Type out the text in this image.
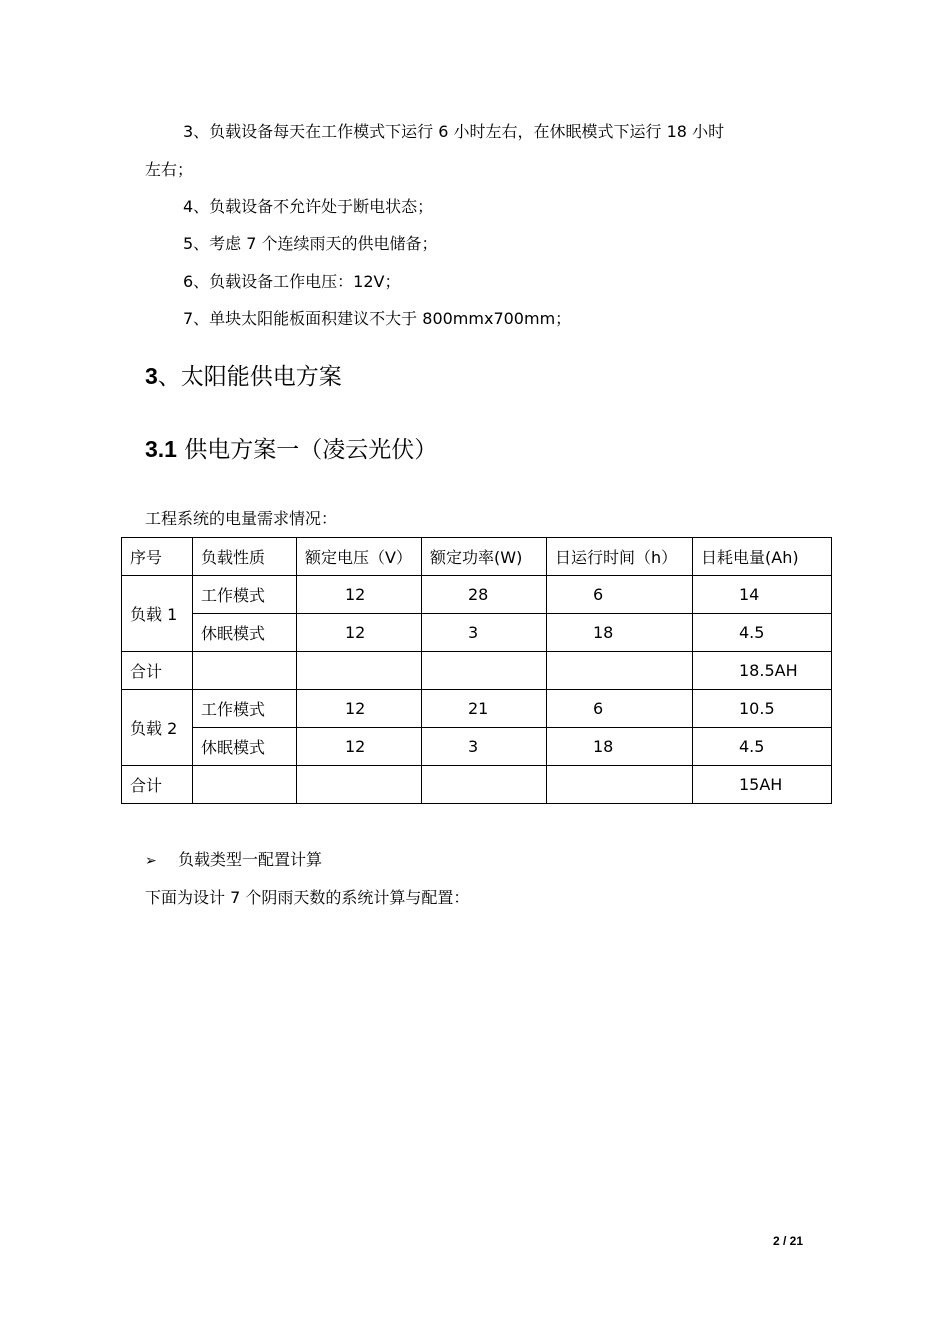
3、负载设备每天在工作模式下运行 6 小时左右，在休眠模式下运行 18 小时
左右；
4、负载设备不允许处于断电状态；
5、考虑 7 个连续雨天的供电储备；
6、负载设备工作电压：12V；
7、单块太阳能板面积建议不大于 800mmx700mm；
3、太阳能供电方案
3.1 供电方案一（凌云光伏）
工程系统的电量需求情况：
序号	负载性质	额定电压（V）	额定功率(W)	日运行时间（h）	日耗电量(Ah)
负载 1	工作模式	12	28	6	14
	休眠模式	12	3	18	4.5
合计					18.5AH
负载 2	工作模式	12	21	6	10.5
	休眠模式	12	3	18	4.5
合计					15AH
➢ 负载类型一配置计算
下面为设计 7 个阴雨天数的系统计算与配置：
2 / 21
